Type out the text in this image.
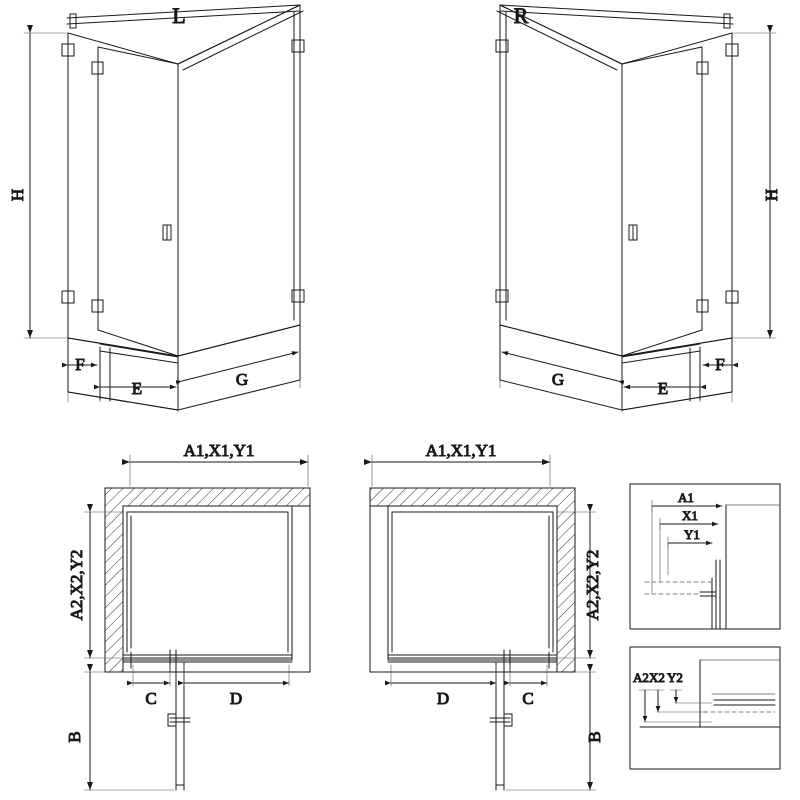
L
H
F
E	G
R
H
F
E
G
A1,X1,Y1
A2,X2,Y2
C	D
B
A1,X1,Y1
A2,X2,Y2
D	C
B
A1
X1
Y1
A2 X2 Y2
